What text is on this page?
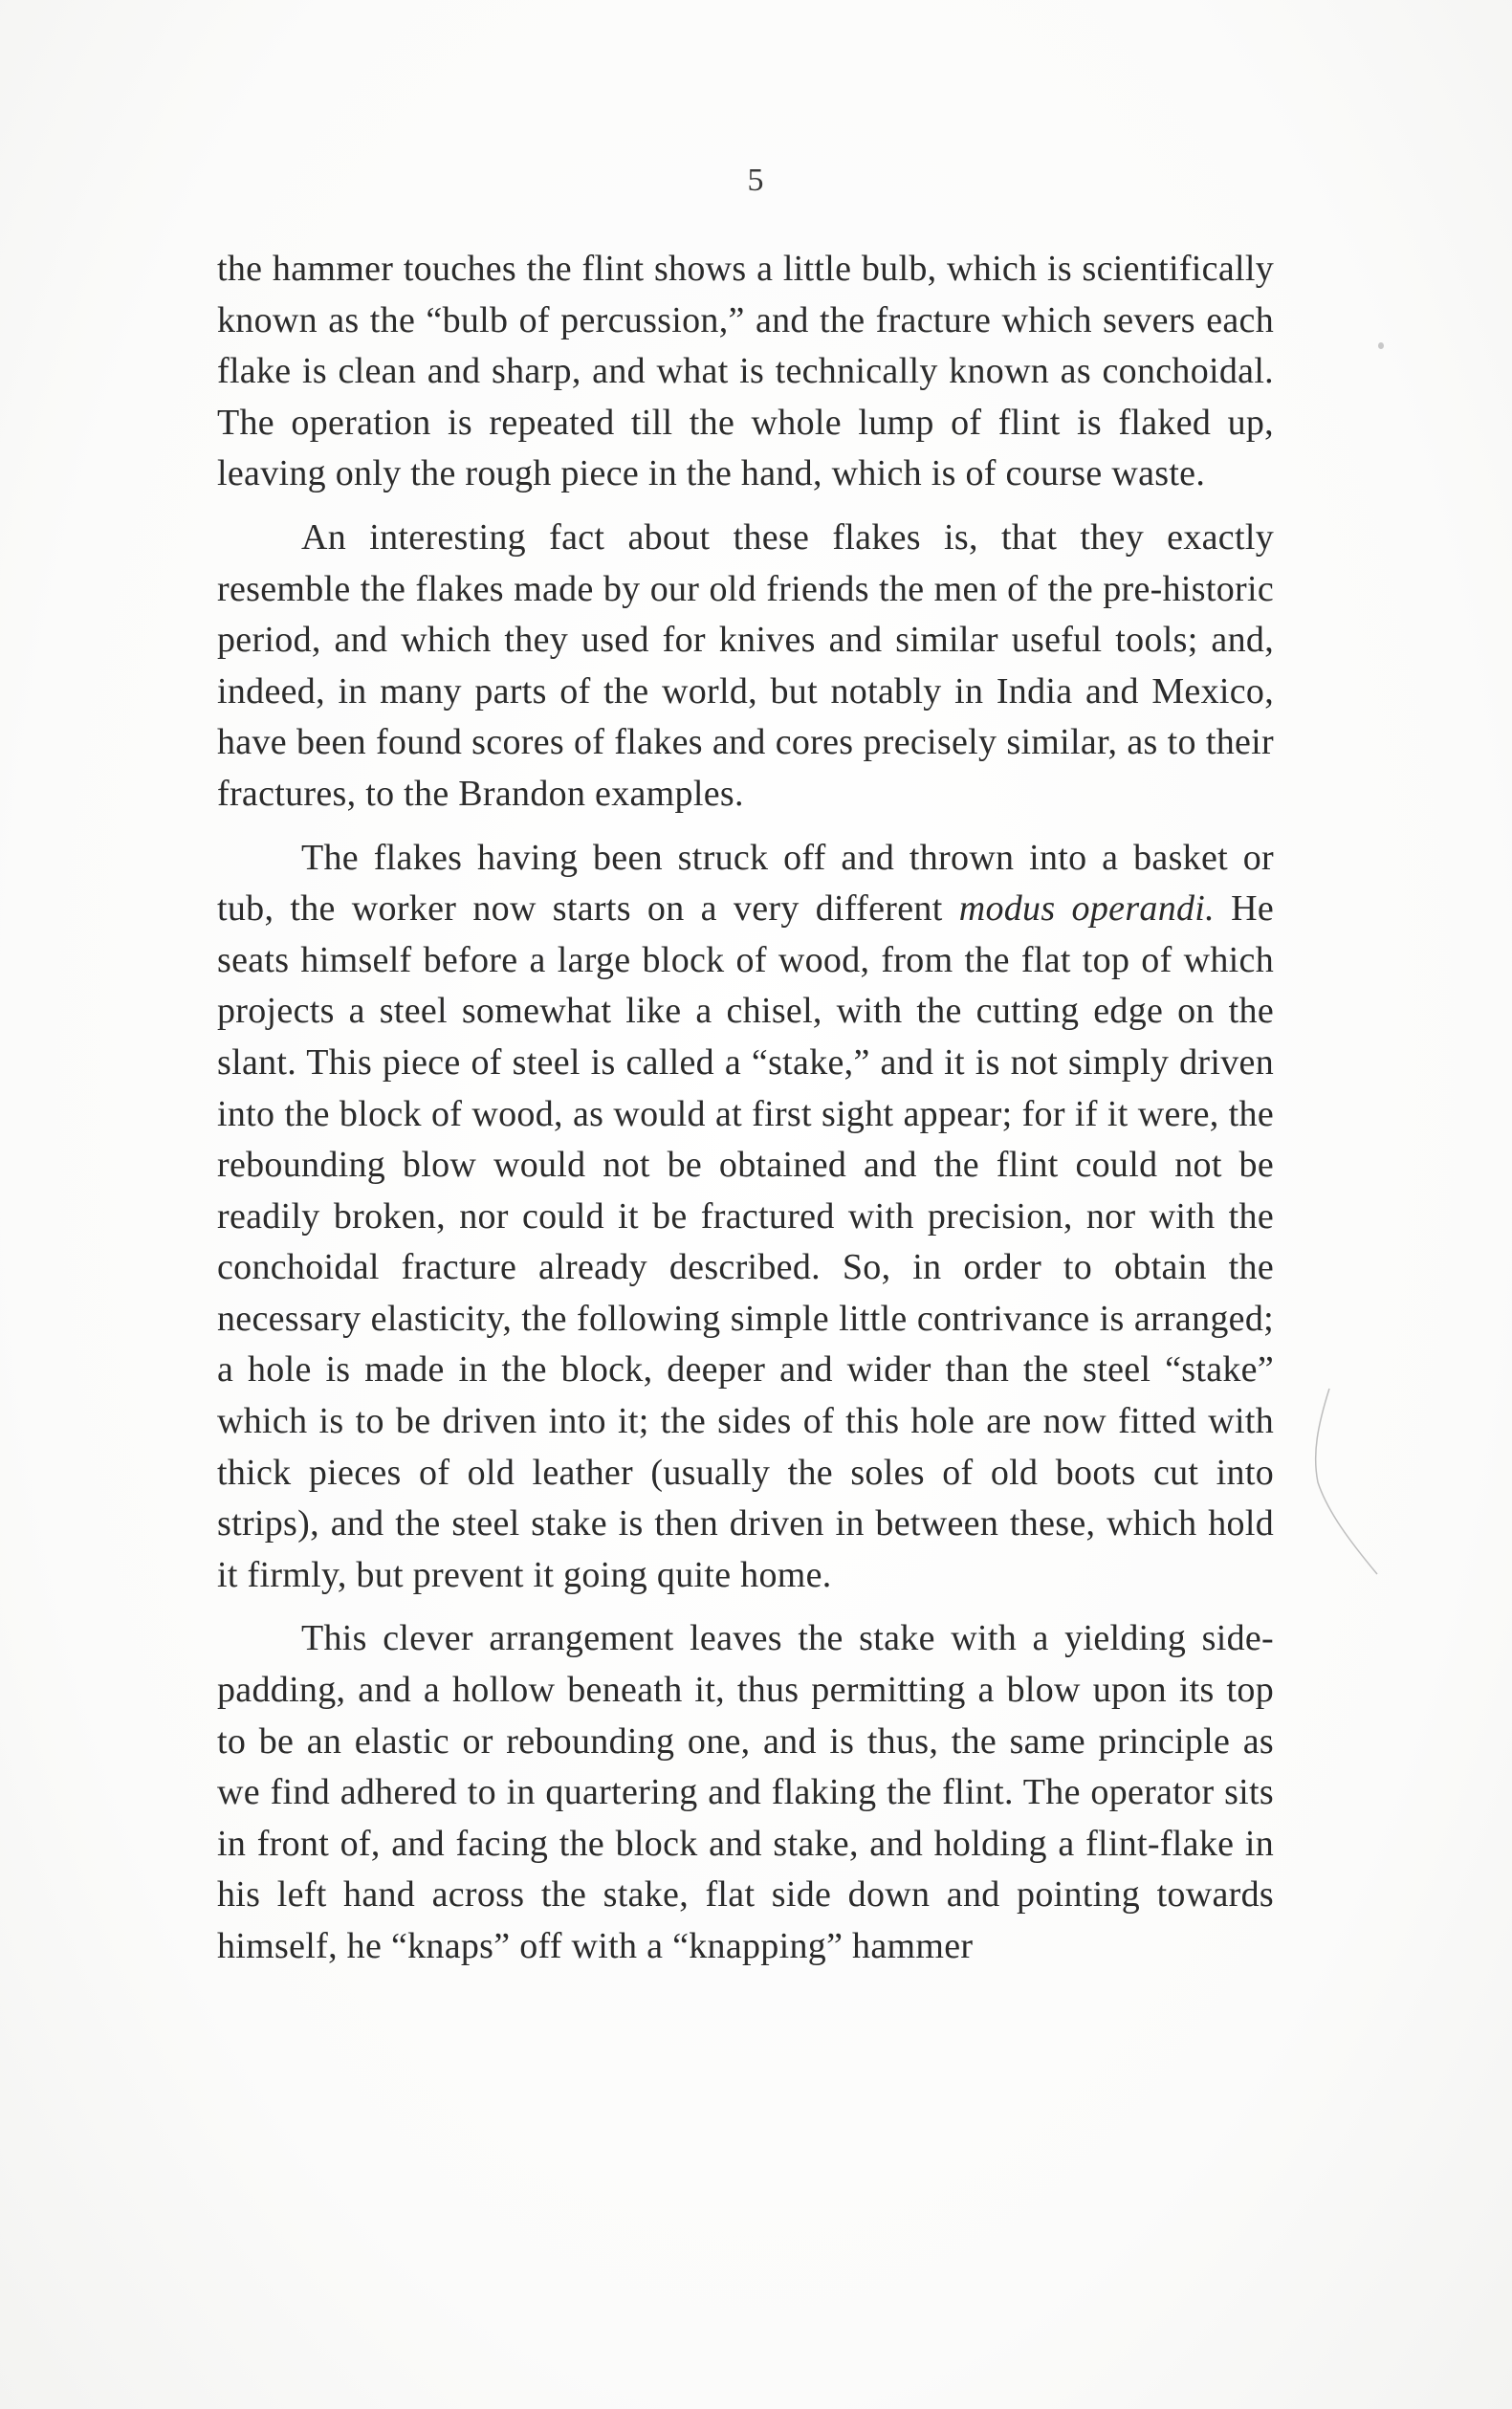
5

the hammer touches the flint shows a little bulb, which is scientifically known as the “bulb of percussion,” and the fracture which severs each flake is clean and sharp, and what is technically known as conchoidal. The operation is repeated till the whole lump of flint is flaked up, leaving only the rough piece in the hand, which is of course waste.

An interesting fact about these flakes is, that they exactly resemble the flakes made by our old friends the men of the pre-historic period, and which they used for knives and similar useful tools; and, indeed, in many parts of the world, but notably in India and Mexico, have been found scores of flakes and cores precisely similar, as to their fractures, to the Brandon examples.

The flakes having been struck off and thrown into a basket or tub, the worker now starts on a very different modus operandi. He seats himself before a large block of wood, from the flat top of which projects a steel somewhat like a chisel, with the cutting edge on the slant. This piece of steel is called a “stake,” and it is not simply driven into the block of wood, as would at first sight appear; for if it were, the rebounding blow would not be obtained and the flint could not be readily broken, nor could it be fractured with precision, nor with the conchoidal fracture already described. So, in order to obtain the necessary elasticity, the following simple little contrivance is arranged; a hole is made in the block, deeper and wider than the steel “stake” which is to be driven into it; the sides of this hole are now fitted with thick pieces of old leather (usually the soles of old boots cut into strips), and the steel stake is then driven in between these, which hold it firmly, but prevent it going quite home.

This clever arrangement leaves the stake with a yielding side-padding, and a hollow beneath it, thus permitting a blow upon its top to be an elastic or rebounding one, and is thus, the same principle as we find adhered to in quartering and flaking the flint. The operator sits in front of, and facing the block and stake, and holding a flint-flake in his left hand across the stake, flat side down and pointing towards himself, he “knaps” off with a “knapping” hammer
